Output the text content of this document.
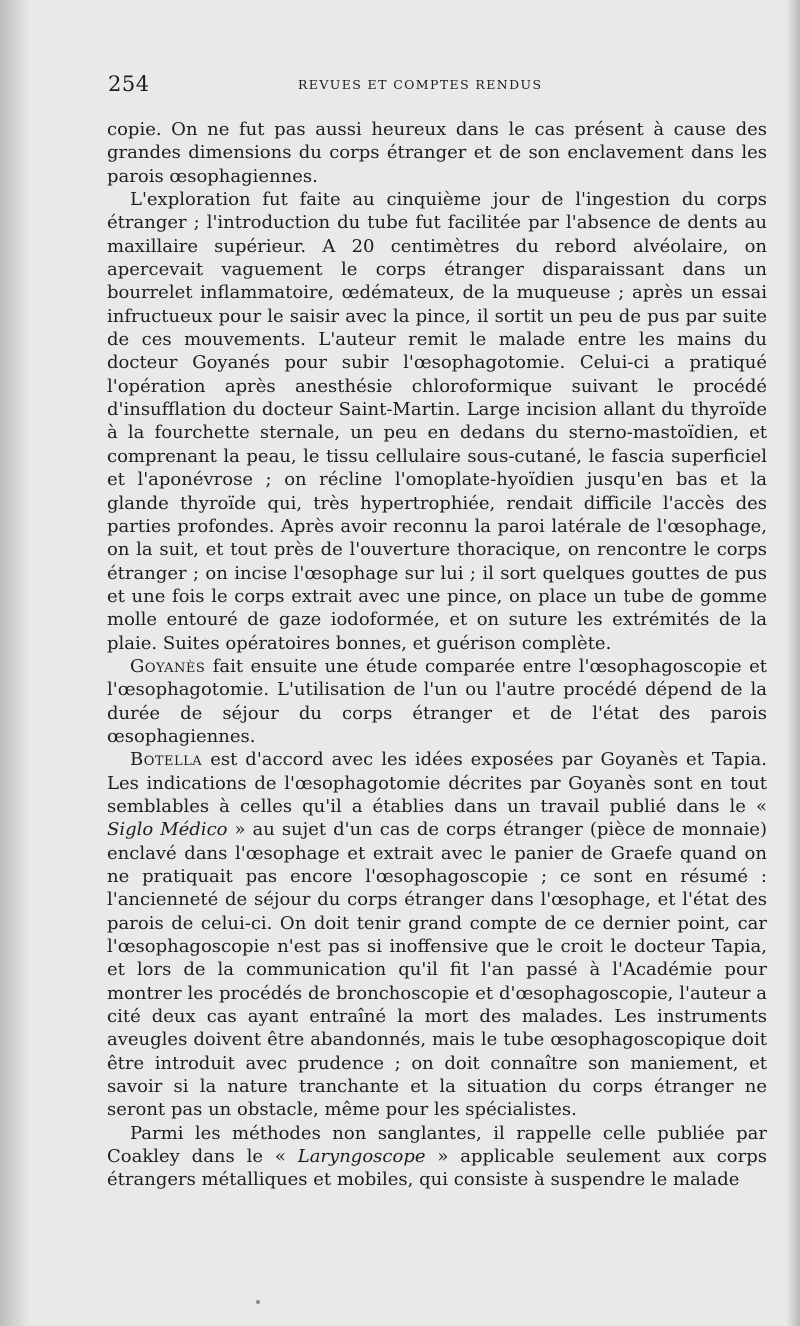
254	REVUES ET COMPTES RENDUS

copie. On ne fut pas aussi heureux dans le cas présent à cause des grandes dimensions du corps étranger et de son enclavement dans les parois œsophagiennes.

L'exploration fut faite au cinquième jour de l'ingestion du corps étranger ; l'introduction du tube fut facilitée par l'absence de dents au maxillaire supérieur. A 20 centimètres du rebord alvéolaire, on apercevait vaguement le corps étranger disparaissant dans un bourrelet inflammatoire, œdémateux, de la muqueuse ; après un essai infructueux pour le saisir avec la pince, il sortit un peu de pus par suite de ces mouvements. L'auteur remit le malade entre les mains du docteur Goyanés pour subir l'œsophagotomie. Celui-ci a pratiqué l'opération après anesthésie chloroformique suivant le procédé d'insufflation du docteur Saint-Martin. Large incision allant du thyroïde à la fourchette sternale, un peu en dedans du sterno-mastoïdien, et comprenant la peau, le tissu cellulaire sous-cutané, le fascia superficiel et l'aponévrose ; on récline l'omoplate-hyoïdien jusqu'en bas et la glande thyroïde qui, très hypertrophiée, rendait difficile l'accès des parties profondes. Après avoir reconnu la paroi latérale de l'œsophage, on la suit, et tout près de l'ouverture thoracique, on rencontre le corps étranger ; on incise l'œsophage sur lui ; il sort quelques gouttes de pus et une fois le corps extrait avec une pince, on place un tube de gomme molle entouré de gaze iodoformée, et on suture les extrémités de la plaie. Suites opératoires bonnes, et guérison complète.

Goyanès fait ensuite une étude comparée entre l'œsophagoscopie et l'œsophagotomie. L'utilisation de l'un ou l'autre procédé dépend de la durée de séjour du corps étranger et de l'état des parois œsophagiennes.

Botella est d'accord avec les idées exposées par Goyanès et Tapia. Les indications de l'œsophagotomie décrites par Goyanès sont en tout semblables à celles qu'il a établies dans un travail publié dans le « Siglo Médico » au sujet d'un cas de corps étranger (pièce de monnaie) enclavé dans l'œsophage et extrait avec le panier de Graefe quand on ne pratiquait pas encore l'œsophagoscopie ; ce sont en résumé : l'ancienneté de séjour du corps étranger dans l'œsophage, et l'état des parois de celui-ci. On doit tenir grand compte de ce dernier point, car l'œsophagoscopie n'est pas si inoffensive que le croit le docteur Tapia, et lors de la communication qu'il fit l'an passé à l'Académie pour montrer les procédés de bronchoscopie et d'œsophagoscopie, l'auteur a cité deux cas ayant entraîné la mort des malades. Les instruments aveugles doivent être abandonnés, mais le tube œsophagoscopique doit être introduit avec prudence ; on doit connaître son maniement, et savoir si la nature tranchante et la situation du corps étranger ne seront pas un obstacle, même pour les spécialistes.

Parmi les méthodes non sanglantes, il rappelle celle publiée par Coakley dans le « Laryngoscope » applicable seulement aux corps étrangers métalliques et mobiles, qui consiste à suspendre le malade
